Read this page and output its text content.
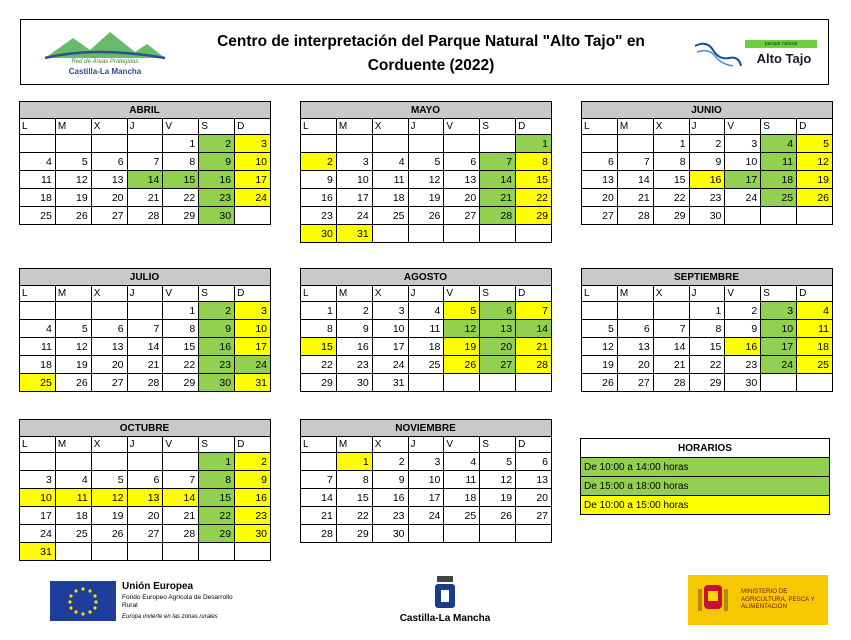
Red de Áreas Protegidas
Castilla-La Mancha
Centro de interpretación del Parque Natural "Alto Tajo" en Corduente (2022)
parque natural
Alto Tajo
ABRIL						
L	M	X	J	V	S	D
				1	2	3
4	5	6	7	8	9	10
11	12	13	14	15	16	17
18	19	20	21	22	23	24
25	26	27	28	29	30	
MAYO						
L	M	X	J	V	S	D
						1
2	3	4	5	6	7	8
9	10	11	12	13	14	15
16	17	18	19	20	21	22
23	24	25	26	27	28	29
30	31					
JUNIO						
L	M	X	J	V	S	D
		1	2	3	4	5
6	7	8	9	10	11	12
13	14	15	16	17	18	19
20	21	22	23	24	25	26
27	28	29	30			
JULIO						
L	M	X	J	V	S	D
				1	2	3
4	5	6	7	8	9	10
11	12	13	14	15	16	17
18	19	20	21	22	23	24
25	26	27	28	29	30	31
AGOSTO						
L	M	X	J	V	S	D
1	2	3	4	5	6	7
8	9	10	11	12	13	14
15	16	17	18	19	20	21
22	23	24	25	26	27	28
29	30	31				
SEPTIEMBRE						
L	M	X	J	V	S	D
			1	2	3	4
5	6	7	8	9	10	11
12	13	14	15	16	17	18
19	20	21	22	23	24	25
26	27	28	29	30		
OCTUBRE						
L	M	X	J	V	S	D
					1	2
3	4	5	6	7	8	9
10	11	12	13	14	15	16
17	18	19	20	21	22	23
24	25	26	27	28	29	30
31						
NOVIEMBRE						
L	M	X	J	V	S	D
	1	2	3	4	5	6
7	8	9	10	11	12	13
14	15	16	17	18	19	20
21	22	23	24	25	26	27
28	29	30				
HORARIOS
De 10:00 a 14:00 horas
De 15:00 a 18:00 horas
De 10:00 a 15:00 horas
Unión Europea
Fondo Europeo Agrícola de Desarrollo Rural
Europa invierte en las zonas rurales	Castilla-La Mancha
MINISTERIO DE AGRICULTURA, PESCA Y ALIMENTACIÓN
